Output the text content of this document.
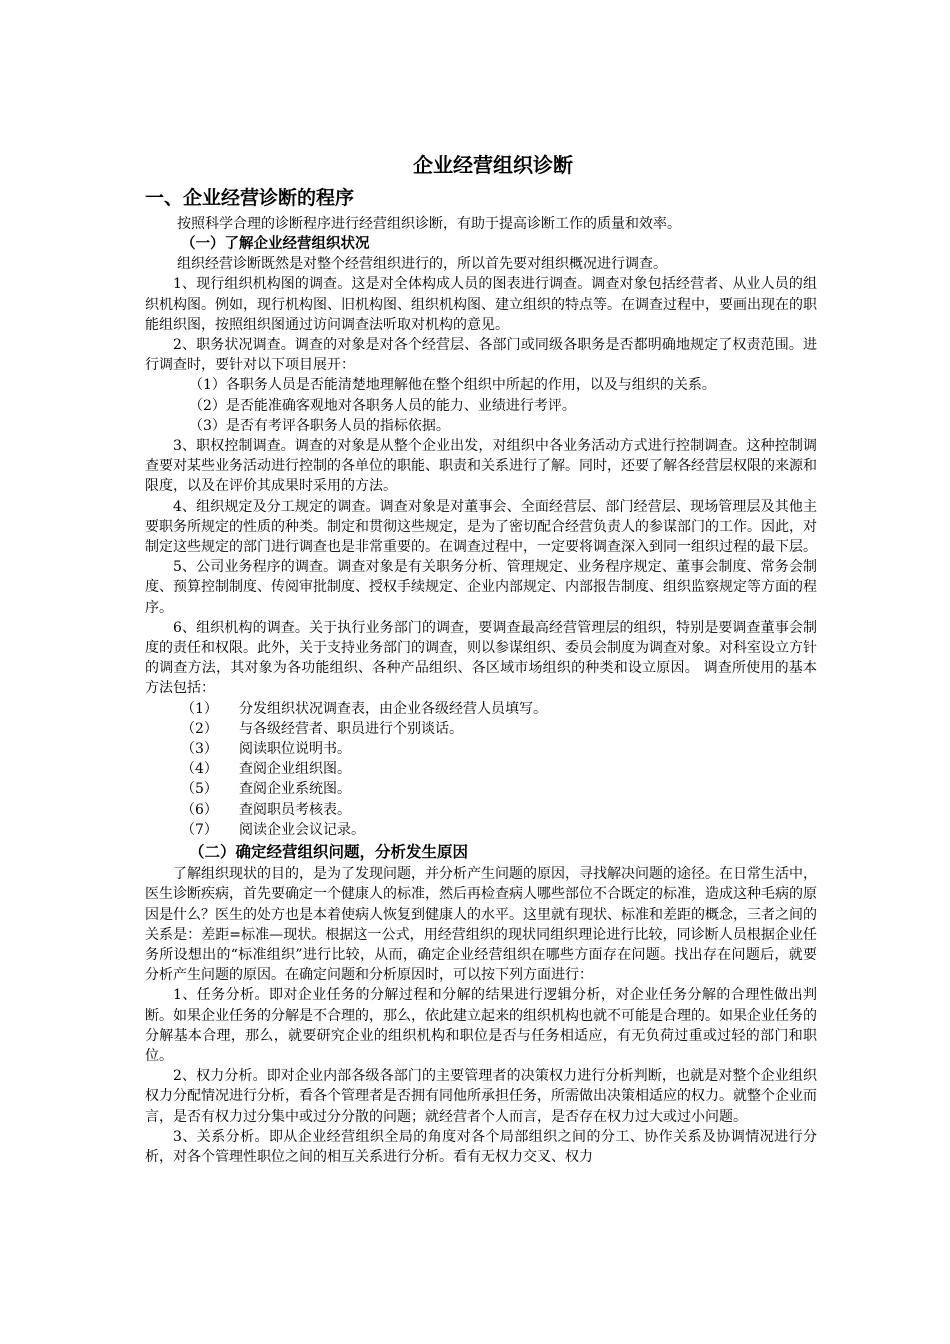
企业经营组织诊断
一、企业经营诊断的程序

按照科学合理的诊断程序进行经营组织诊断，有助于提高诊断工作的质量和效率。

（一）了解企业经营组织状况

组织经营诊断既然是对整个经营组织进行的，所以首先要对组织概况进行调查。

1、现行组织机构图的调查。这是对全体构成人员的图表进行调查。调查对象包括经营者、从业人员的组织机构图。例如，现行机构图、旧机构图、组织机构图、建立组织的特点等。在调查过程中，要画出现在的职能组织图，按照组织图通过访问调查法听取对机构的意见。

2、职务状况调查。调查的对象是对各个经营层、各部门或同级各职务是否都明确地规定了权责范围。进行调查时，要针对以下项目展开：

（1）各职务人员是否能清楚地理解他在整个组织中所起的作用，以及与组织的关系。
（2）是否能准确客观地对各职务人员的能力、业绩进行考评。
（3）是否有考评各职务人员的指标依据。

3、职权控制调查。调查的对象是从整个企业出发，对组织中各业务活动方式进行控制调查。这种控制调查要对某些业务活动进行控制的各单位的职能、职责和关系进行了解。同时，还要了解各经营层权限的来源和限度，以及在评价其成果时采用的方法。

4、组织规定及分工规定的调查。调查对象是对董事会、全面经营层、部门经营层、现场管理层及其他主要职务所规定的性质的种类。制定和贯彻这些规定，是为了密切配合经营负责人的参谋部门的工作。因此，对制定这些规定的部门进行调查也是非常重要的。在调查过程中，一定要将调查深入到同一组织过程的最下层。

5、公司业务程序的调查。调查对象是有关职务分析、管理规定、业务程序规定、董事会制度、常务会制度、预算控制制度、传阅审批制度、授权手续规定、企业内部规定、内部报告制度、组织监察规定等方面的程序。

6、组织机构的调查。关于执行业务部门的调查，要调查最高经营管理层的组织，特别是要调查董事会制度的责任和权限。此外，关于支持业务部门的调查，则以参谋组织、委员会制度为调查对象。对科室设立方针的调查方法，其对象为各功能组织、各种产品组织、各区域市场组织的种类和设立原因。 调查所使用的基本方法包括：

（1）	分发组织状况调查表，由企业各级经营人员填写。
（2）	与各级经营者、职员进行个别谈话。
（3）	阅读职位说明书。
（4）	查阅企业组织图。
（5）	查阅企业系统图。
（6）	查阅职员考核表。
（7）	阅读企业会议记录。
（二）确定经营组织问题，分析发生原因

了解组织现状的目的，是为了发现问题，并分析产生问题的原因，寻找解决问题的途径。在日常生活中，医生诊断疾病，首先要确定一个健康人的标准，然后再检查病人哪些部位不合既定的标准，造成这种毛病的原因是什么？医生的处方也是本着使病人恢复到健康人的水平。这里就有现状、标准和差距的概念，三者之间的关系是：差距=标准—现状。根据这一公式，用经营组织的现状同组织理论进行比较，同诊断人员根据企业任务所设想出的“标准组织”进行比较，从而，确定企业经营组织在哪些方面存在问题。找出存在问题后，就要分析产生问题的原因。在确定问题和分析原因时，可以按下列方面进行：

1、任务分析。即对企业任务的分解过程和分解的结果进行逻辑分析，对企业任务分解的合理性做出判断。如果企业任务的分解是不合理的，那么，依此建立起来的组织机构也就不可能是合理的。如果企业任务的分解基本合理，那么，就要研究企业的组织机构和职位是否与任务相适应，有无负荷过重或过轻的部门和职位。

2、权力分析。即对企业内部各级各部门的主要管理者的决策权力进行分析判断，也就是对整个企业组织权力分配情况进行分析，看各个管理者是否拥有同他所承担任务，所需做出决策相适应的权力。就整个企业而言，是否有权力过分集中或过分分散的问题；就经营者个人而言，是否存在权力过大或过小问题。

3、关系分析。即从企业经营组织全局的角度对各个局部组织之间的分工、协作关系及协调情况进行分析，对各个管理性职位之间的相互关系进行分析。看有无权力交叉、权力
